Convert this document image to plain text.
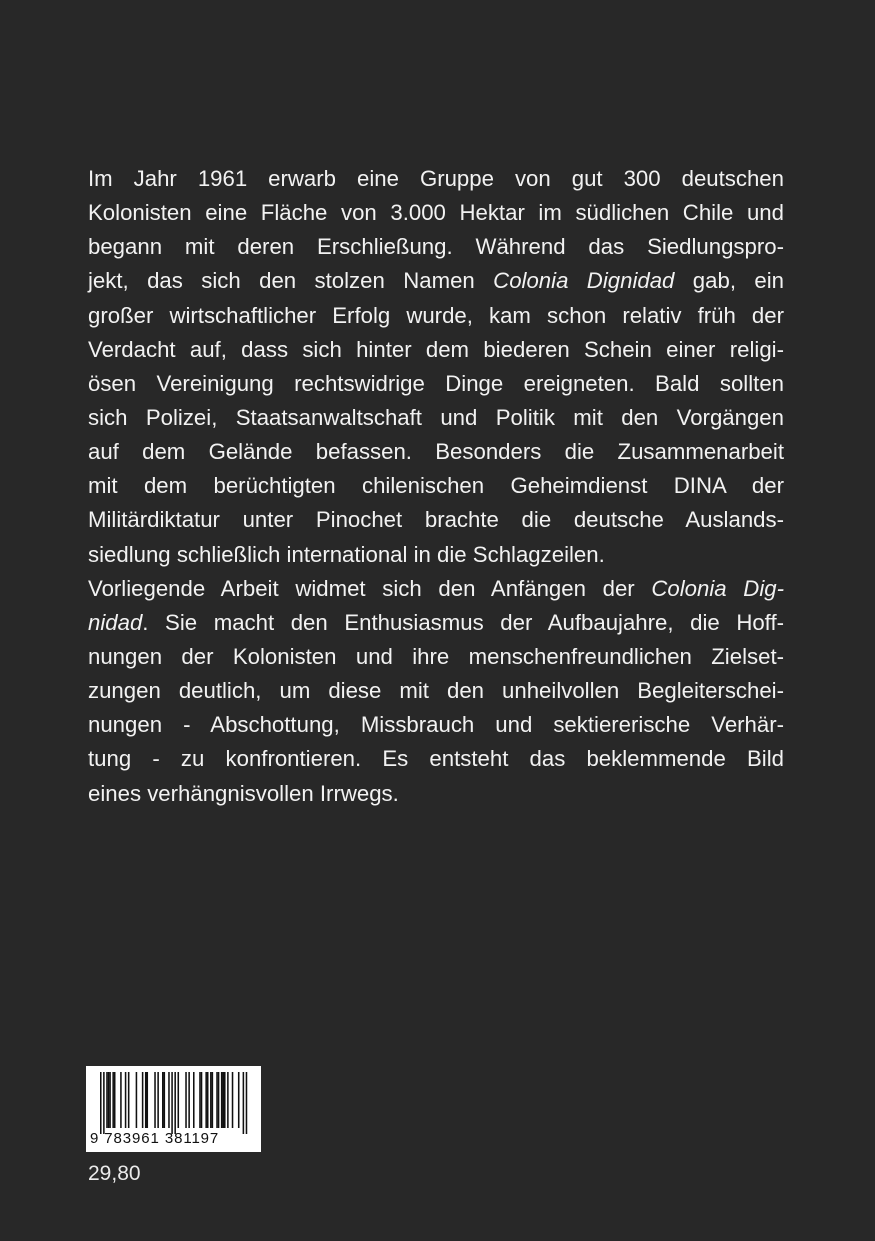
Im Jahr 1961 erwarb eine Gruppe von gut 300 deutschen
Kolonisten eine Fläche von 3.000 Hektar im südlichen Chile und
begann mit deren Erschließung. Während das Siedlungspro-
jekt, das sich den stolzen Namen Colonia Dignidad gab, ein
großer wirtschaftlicher Erfolg wurde, kam schon relativ früh der
Verdacht auf, dass sich hinter dem biederen Schein einer religi-
ösen Vereinigung rechtswidrige Dinge ereigneten. Bald sollten
sich Polizei, Staatsanwaltschaft und Politik mit den Vorgängen
auf dem Gelände befassen. Besonders die Zusammenarbeit
mit dem berüchtigten chilenischen Geheimdienst DINA der
Militärdiktatur unter Pinochet brachte die deutsche Auslands-
siedlung schließlich international in die Schlagzeilen.
Vorliegende Arbeit widmet sich den Anfängen der Colonia Dig-
nidad. Sie macht den Enthusiasmus der Aufbaujahre, die Hoff-
nungen der Kolonisten und ihre menschenfreundlichen Zielset-
zungen deutlich, um diese mit den unheilvollen Begleiterschei-
nungen - Abschottung, Missbrauch und sektiererische Verhär-
tung - zu konfrontieren. Es entsteht das beklemmende Bild
eines verhängnisvollen Irrwegs.
9 783961 381197
29,80
